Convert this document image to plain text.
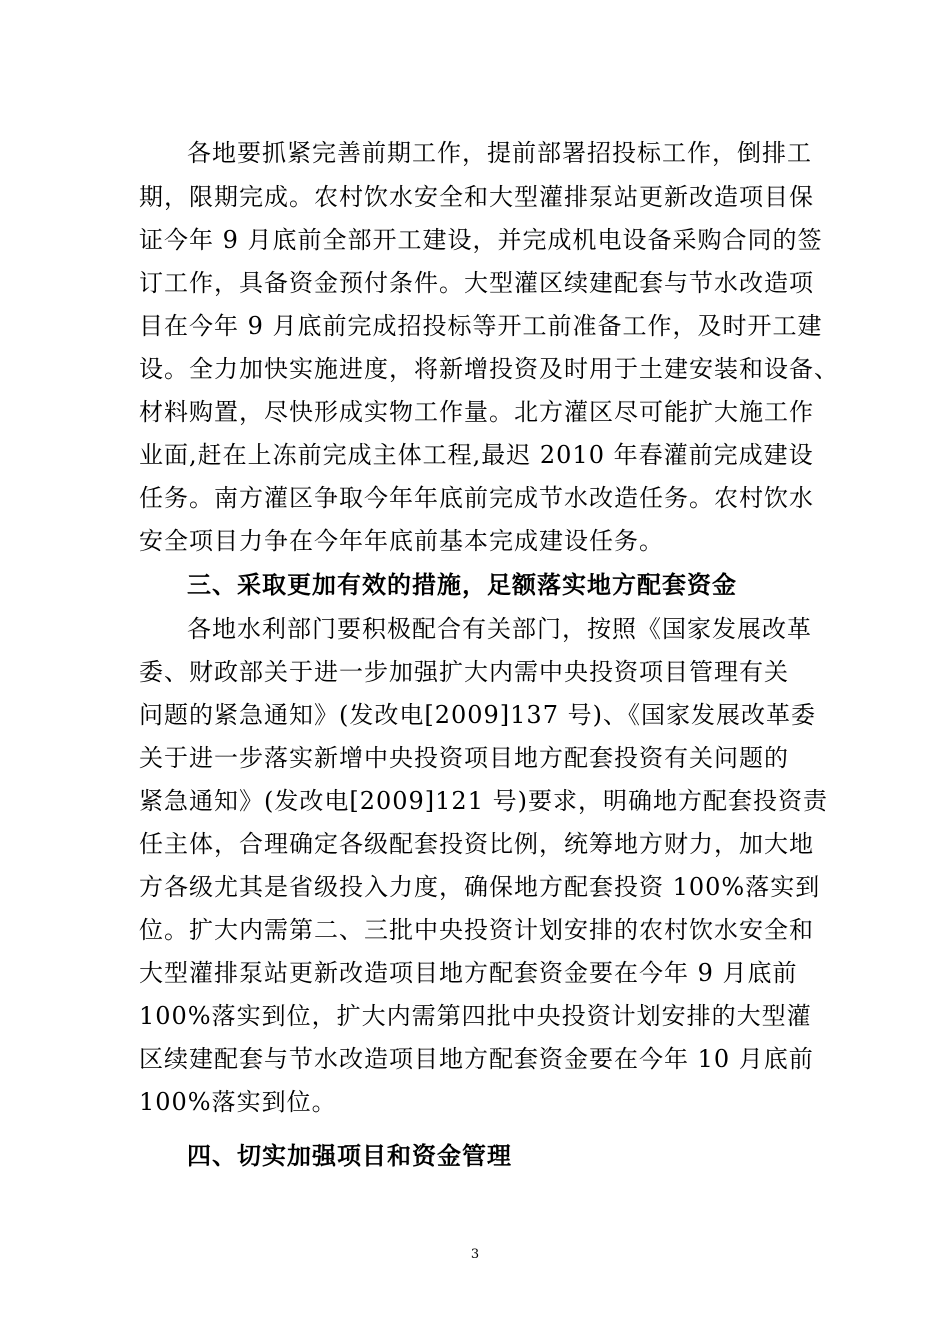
各地要抓紧完善前期工作，提前部署招投标工作，倒排工
期，限期完成。农村饮水安全和大型灌排泵站更新改造项目保
证今年 9 月底前全部开工建设，并完成机电设备采购合同的签
订工作，具备资金预付条件。大型灌区续建配套与节水改造项
目在今年 9 月底前完成招投标等开工前准备工作，及时开工建
设。全力加快实施进度，将新增投资及时用于土建安装和设备、
材料购置，尽快形成实物工作量。北方灌区尽可能扩大施工作
业面,赶在上冻前完成主体工程,最迟 2010 年春灌前完成建设
任务。南方灌区争取今年年底前完成节水改造任务。农村饮水
安全项目力争在今年年底前基本完成建设任务。
三、采取更加有效的措施，足额落实地方配套资金
各地水利部门要积极配合有关部门，按照《国家发展改革
委、财政部关于进一步加强扩大内需中央投资项目管理有关
问题的紧急通知》(发改电[2009]137 号)、《国家发展改革委
关于进一步落实新增中央投资项目地方配套投资有关问题的
紧急通知》(发改电[2009]121 号)要求，明确地方配套投资责
任主体，合理确定各级配套投资比例，统筹地方财力，加大地
方各级尤其是省级投入力度，确保地方配套投资 100%落实到
位。扩大内需第二、三批中央投资计划安排的农村饮水安全和
大型灌排泵站更新改造项目地方配套资金要在今年 9 月底前
100%落实到位，扩大内需第四批中央投资计划安排的大型灌
区续建配套与节水改造项目地方配套资金要在今年 10 月底前
100%落实到位。
四、切实加强项目和资金管理
3
